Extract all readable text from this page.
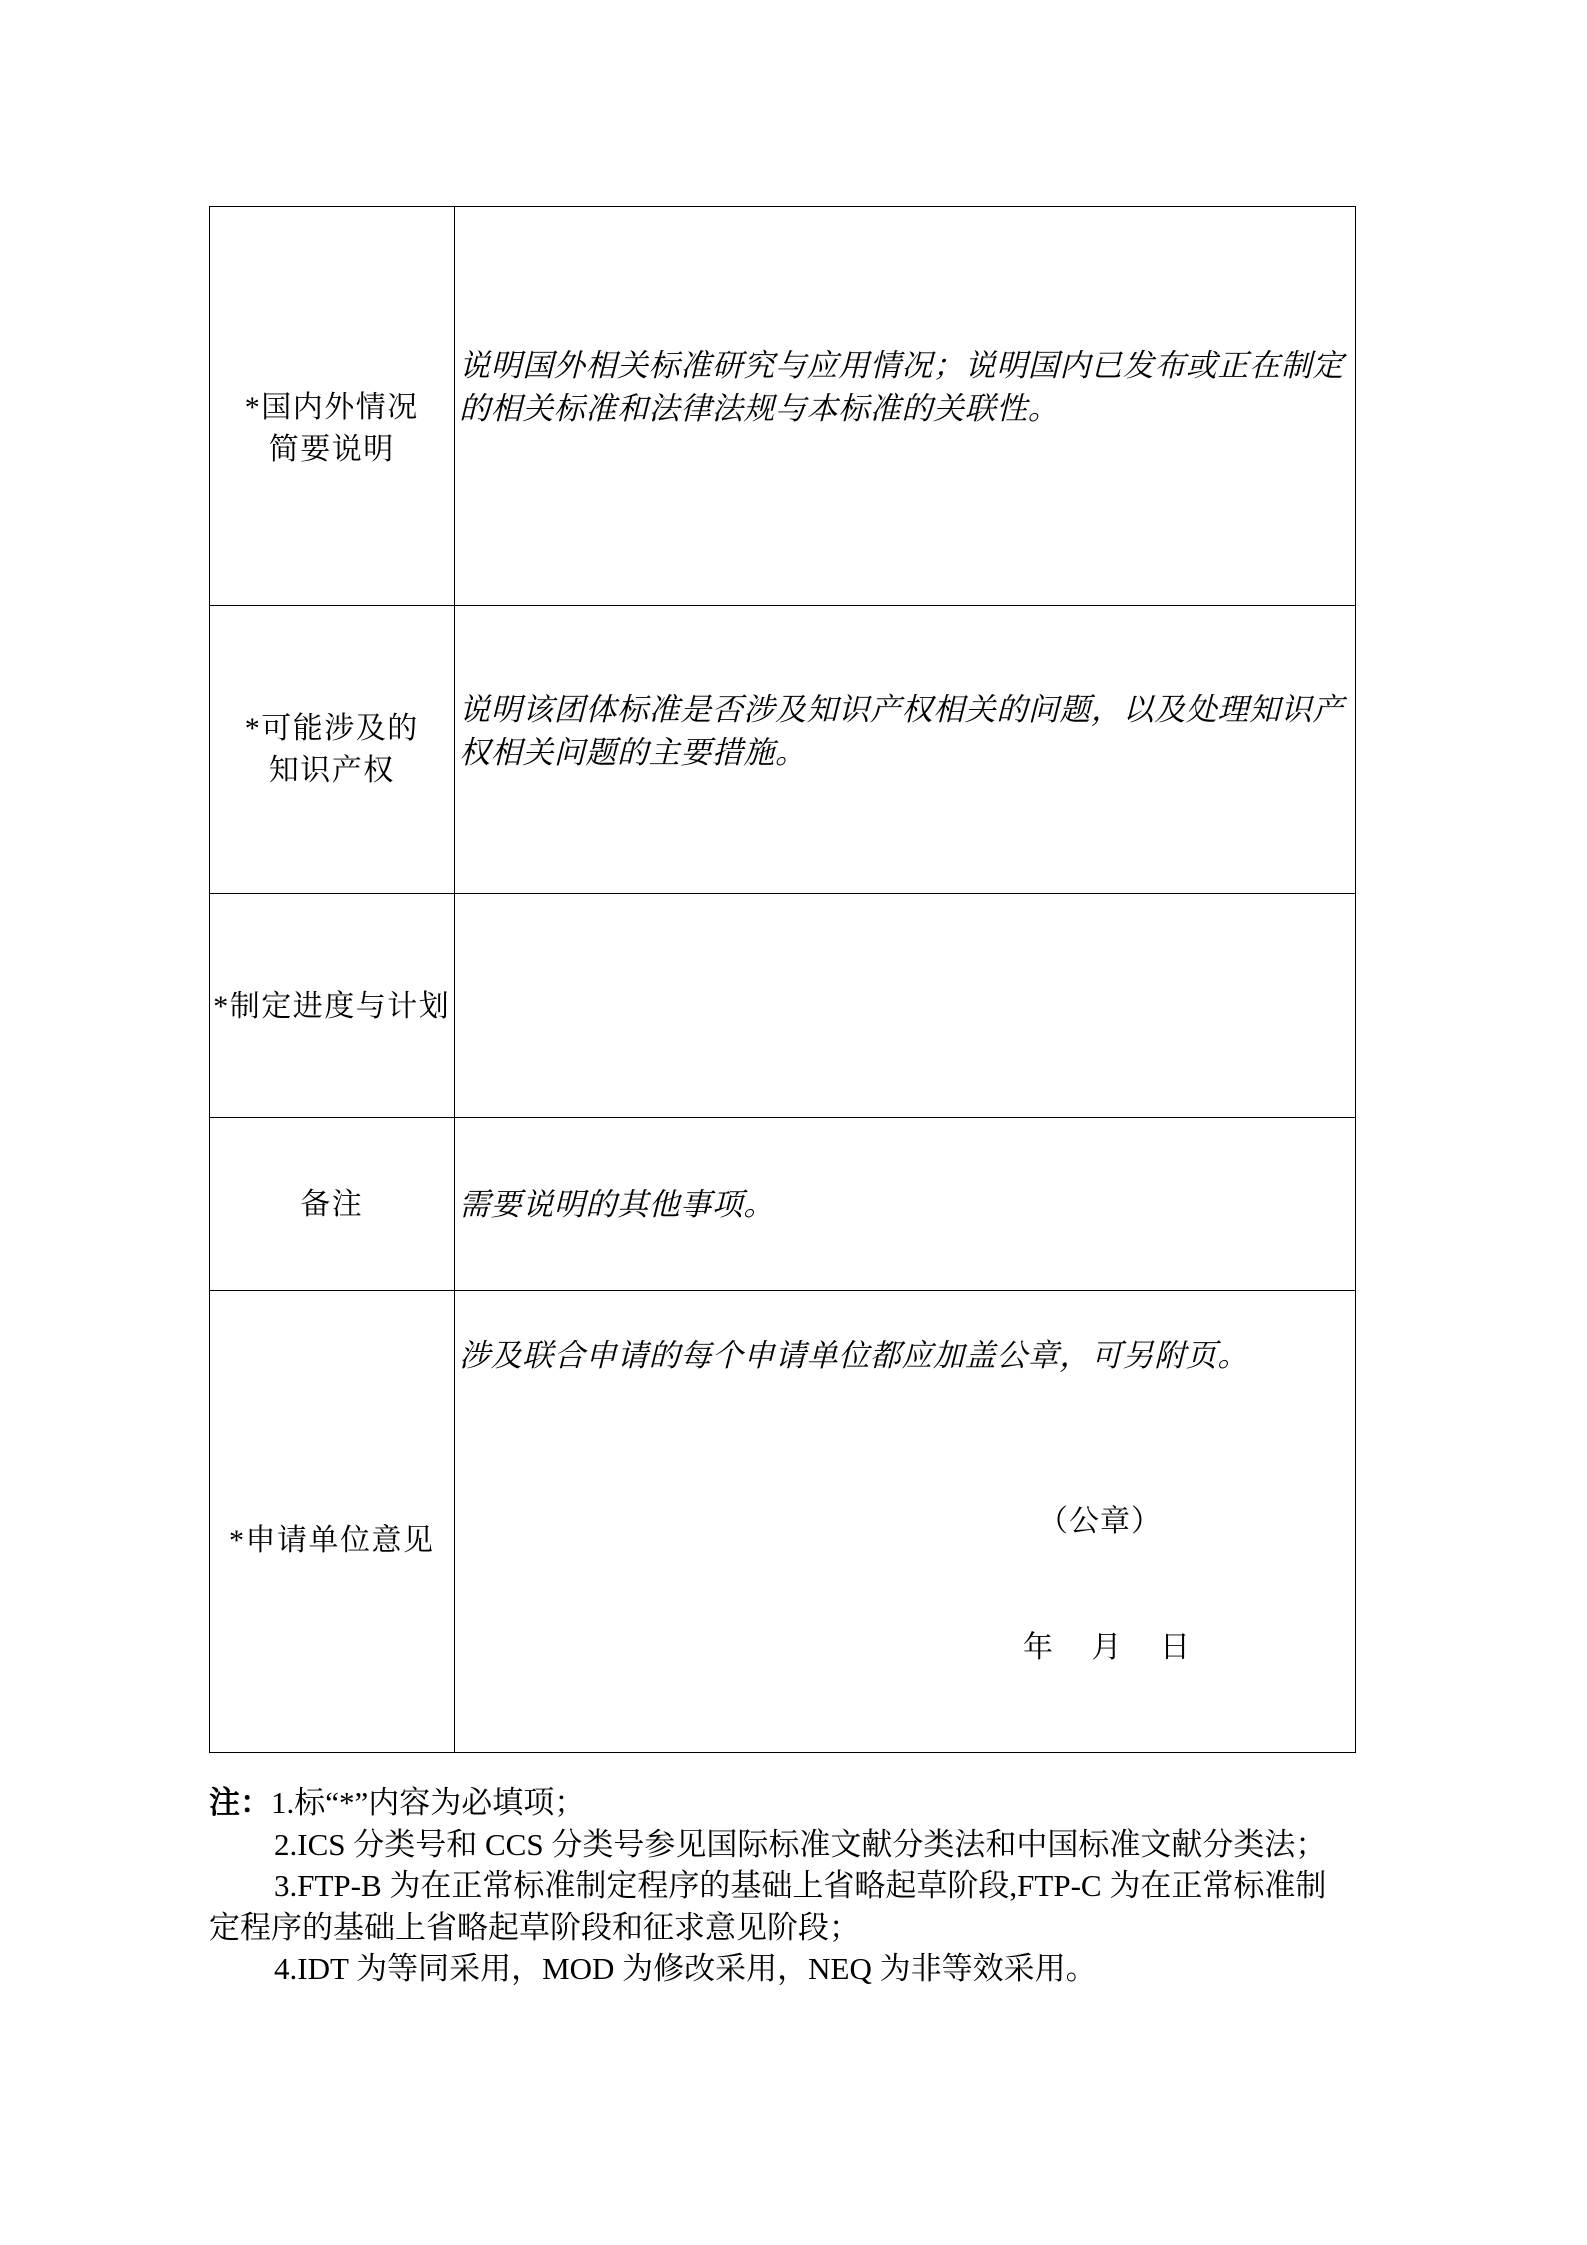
*国内外情况
简要说明
说明国外相关标准研究与应用情况；说明国内已发布或正在制定
的相关标准和法律法规与本标准的关联性。
*可能涉及的
知识产权
说明该团体标准是否涉及知识产权相关的问题，以及处理知识产
权相关问题的主要措施。
*制定进度与计划
备注	需要说明的其他事项。
*申请单位意见
涉及联合申请的每个申请单位都应加盖公章，可另附页。
（公章）
年 月 日
注：1.标“*”内容为必填项；
2.ICS 分类号和 CCS 分类号参见国际标准文献分类法和中国标准文献分类法；
3.FTP-B 为在正常标准制定程序的基础上省略起草阶段,FTP-C 为在正常标准制
定程序的基础上省略起草阶段和征求意见阶段；
4.IDT 为等同采用，MOD 为修改采用，NEQ 为非等效采用。
